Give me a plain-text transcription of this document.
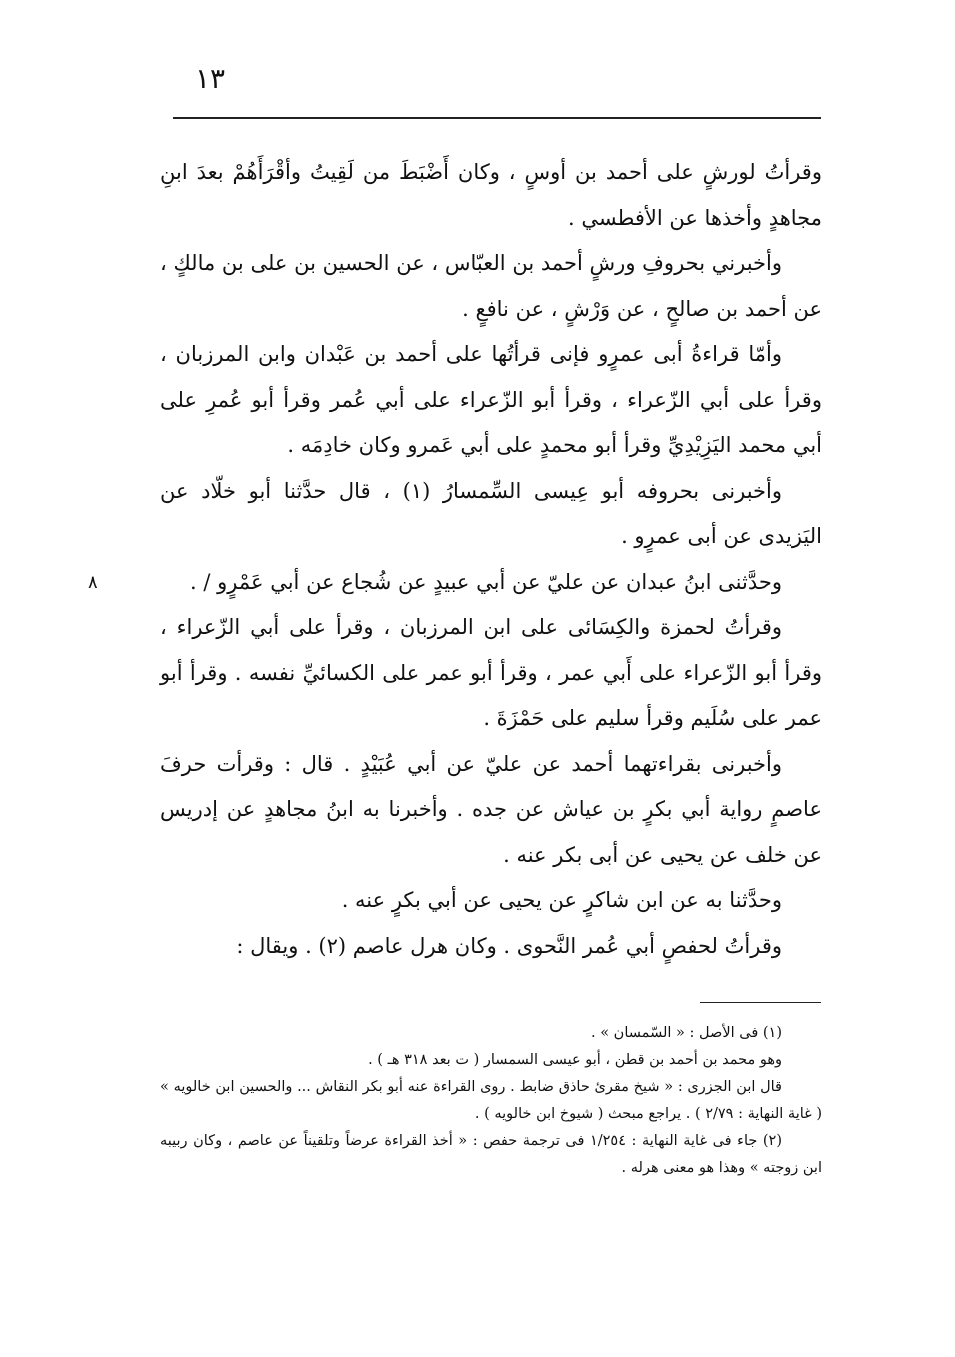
١٣
٨

وقرأتُ لورشٍ على أحمد بن أوسٍ ، وكان أَضْبَطَ من لَقِيتُ وأقْرَأَهُمْ بعدَ ابنِ مجاهدٍ وأخذها عن الأفطسي .

وأخبرني بحروفِ ورشٍ أحمد بن العبّاس ، عن الحسين بن على بن مالكٍ ، عن أحمد بن صالحٍ ، عن وَرْشٍ ، عن نافعٍ .

وأمّا قراءةُ أبى عمرٍو فإنى قرأتُها على أحمد بن عَبْدان وابن المرزبان ، وقرأ على أبي الزّعراء ، وقرأ أبو الزّعراء على أبي عُمر وقرأ أبو عُمرِ على أبي محمد اليَزِيْدِيِّ وقرأ أبو محمدٍ على أبي عَمرو وكان خادِمَه .

وأخبرنى بحروفه أبو عِيسى السِّمسارُ (١) ، قال حدَّثنا أبو خلّاد عن اليَزيدى عن أبى عمرٍو .

وحدَّثنى ابنُ عبدان عن عليّ عن أبي عبيدٍ عن شُجاع عن أبي عَمْرٍو / .

وقرأتُ لحمزة والكِسَائى على ابن المرزبان ، وقرأ على أبي الزّعراء ، وقرأ أبو الزّعراء على أَبي عمر ، وقرأ أبو عمر على الكسائيِّ نفسه . وقرأ أبو عمر على سُلَيم وقرأ سليم على حَمْزَةَ .

وأخبرنى بقراءتهما أحمد عن عليّ عن أبي عُبَيْدٍ . قال : وقرأت حرفَ عاصمٍ رواية أبي بكرٍ بن عياش عن جده . وأخبرنا به ابنُ مجاهدٍ عن إدريس عن خلف عن يحيى عن أبى بكر عنه .

وحدَّثنا به عن ابن شاكرٍ عن يحيى عن أبي بكرٍ عنه .

وقرأتُ لحفصٍ أبي عُمر النَّحوى . وكان هرل عاصم (٢) . ويقال :

(١) فى الأصل : « السّمسان » .

وهو محمد بن أحمد بن قطن ، أبو عيسى السمسار ( ت بعد ٣١٨ هـ ) .

قال ابن الجزرى : « شيخ مقرئ حاذق ضابط . روى القراءة عنه أبو بكر النقاش ... والحسين ابن خالويه » ( غاية النهاية : ٢/٧٩ ) . يراجع مبحث ( شيوخ ابن خالويه ) .

(٢) جاء فى غاية النهاية : ١/٢٥٤ فى ترجمة حفص : « أخذ القراءة عرضاً وتلقيناً عن عاصم ، وكان ربيبه ابن زوجته » وهذا هو معنى هرله .
